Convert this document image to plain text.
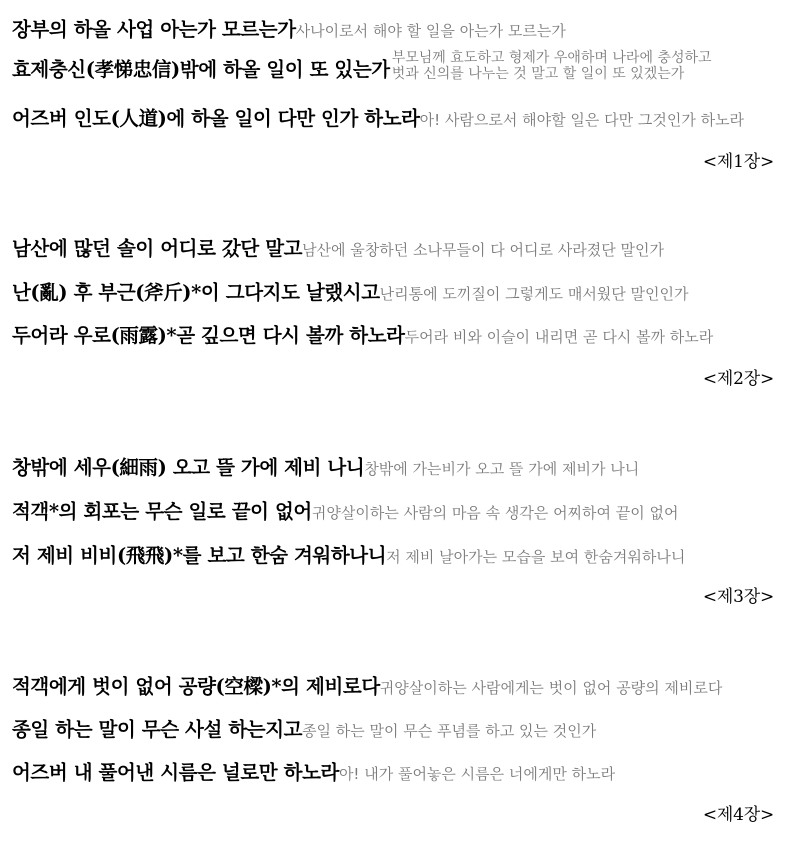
장부의 하올 사업 아는가 모르는가사나이로서 해야 할 일을 아는가 모르는가
효제충신(孝悌忠信)밖에 하올 일이 또 있는가 부모님께 효도하고 형제가 우애하며 나라에 충성하고
벗과 신의를 나누는 것 말고 할 일이 또 있겠는가
어즈버 인도(人道)에 하올 일이 다만 인가 하노라아! 사람으로서 해야할 일은 다만 그것인가 하노라
<제1장>
남산에 많던 솔이 어디로 갔단 말고남산에 울창하던 소나무들이 다 어디로 사라졌단 말인가
난(亂) 후 부근(斧斤)*이 그다지도 날랬시고난리통에 도끼질이 그렇게도 매서웠단 말인인가
두어라 우로(雨露)*곧 깊으면 다시 볼까 하노라두어라 비와 이슬이 내리면 곧 다시 볼까 하노라
<제2장>
창밖에 세우(細雨) 오고 뜰 가에 제비 나니창밖에 가는비가 오고 뜰 가에 제비가 나니
적객*의 회포는 무슨 일로 끝이 없어귀양살이하는 사람의 마음 속 생각은 어찌하여 끝이 없어
저 제비 비비(飛飛)*를 보고 한숨 겨워하나니저 제비 날아가는 모습을 보여 한숨겨워하나니
<제3장>
적객에게 벗이 없어 공량(空樑)*의 제비로다귀양살이하는 사람에게는 벗이 없어 공량의 제비로다
종일 하는 말이 무슨 사설 하는지고종일 하는 말이 무슨 푸념를 하고 있는 것인가
어즈버 내 풀어낸 시름은 널로만 하노라아! 내가 풀어놓은 시름은 너에게만 하노라
<제4장>
